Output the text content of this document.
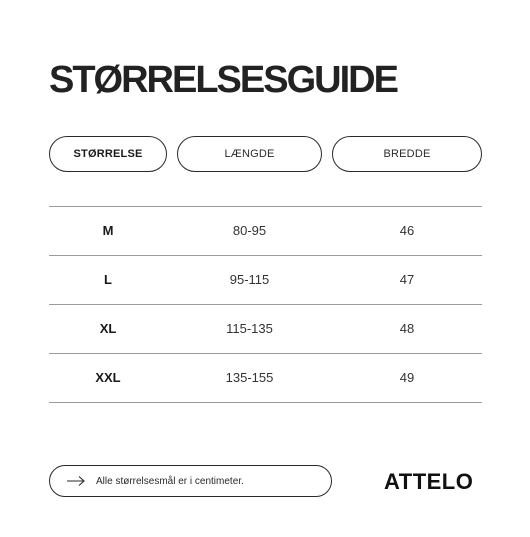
STØRRELSESGUIDE
STØRRELSE	LÆNGDE	BREDDE
M	80-95	46
L	95-115	47
XL	115-135	48
XXL	135-155	49
Alle størrelsesmål er i centimeter.	ATTELO
